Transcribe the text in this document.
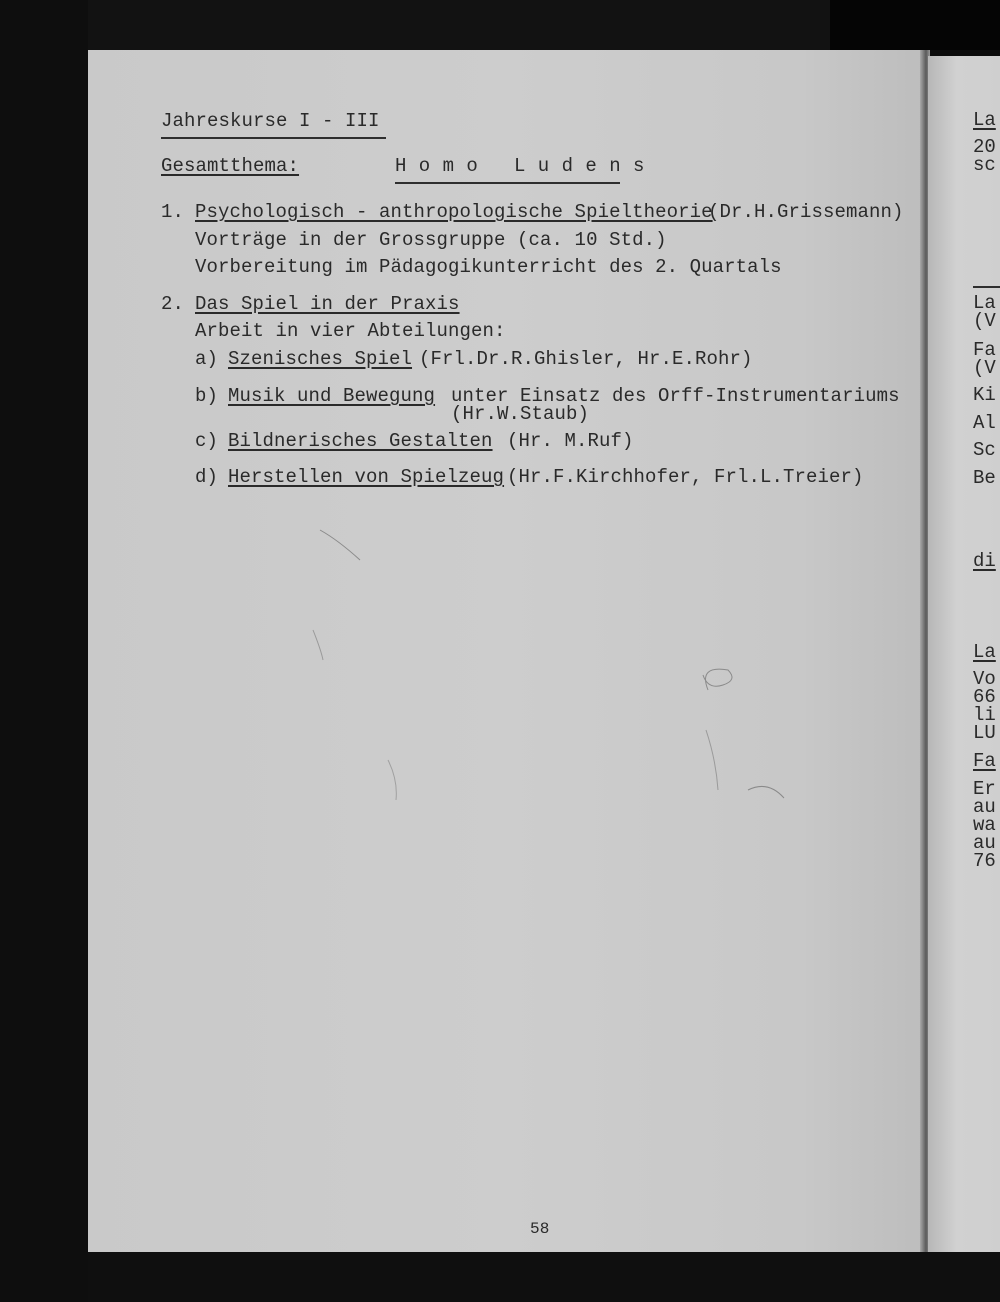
Jahreskurse I - III
Gesamtthema:	Homo Ludens
1. Psychologisch - anthropologische Spieltheorie
(Dr.H.Grissemann)
Vorträge in der Grossgruppe (ca. 10 Std.)
Vorbereitung im Pädagogikunterricht des 2. Quartals
2. Das Spiel in der Praxis
Arbeit in vier Abteilungen:
a) Szenisches Spiel (Frl.Dr.R.Ghisler, Hr.E.Rohr)
b) Musik und Bewegung unter Einsatz des Orff-Instrumentariums
(Hr.W.Staub)
c) Bildnerisches Gestalten (Hr. M.Ruf)
d) Herstellen von Spielzeug (Hr.F.Kirchhofer, Frl.L.Treier)
58
La
20
sc
La
(V
Fa
(V
Ki
Al
Sc
Be
di
La
Vo
66
li
LU
Fa
Er
au
wa
au
76
